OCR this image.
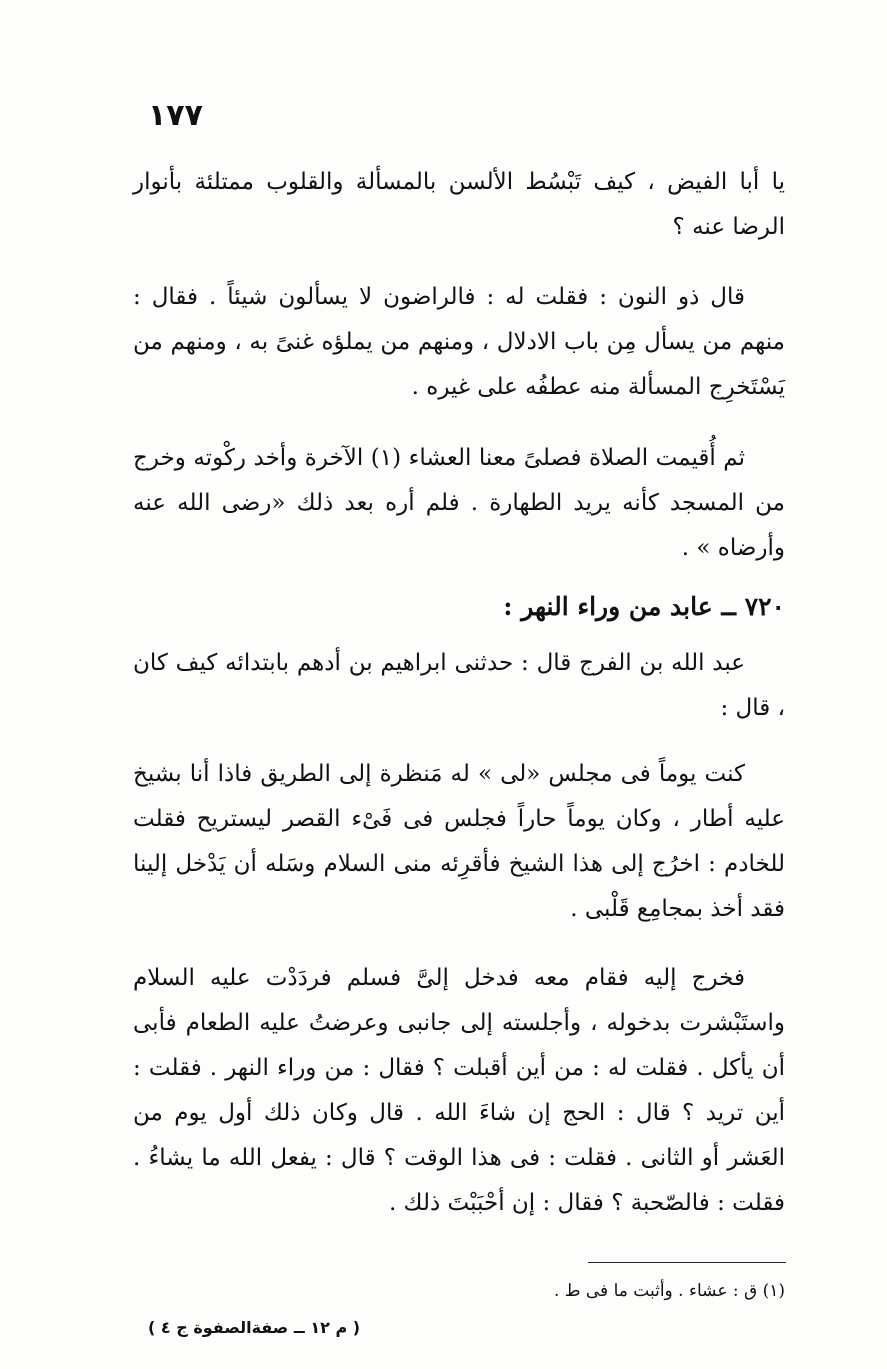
١٧٧

يا أبا الفيض ، كيف تَبْسُط الألسن بالمسألة والقلوب ممتلئة بأنوار الرضا عنه ؟

قال ذو النون : فقلت له : فالراضون لا يسألون شيئاً . فقال : منهم من يسأل مِن باب الادلال ، ومنهم من يملؤه غنىً به ، ومنهم من يَسْتَخرِج المسألة منه عطفُه على غيره .

ثم أُقيمت الصلاة فصلىً معنا العشاء (١) الآخرة وأخد ركْوته وخرج من المسجد كأنه يريد الطهارة . فلم أره بعد ذلك «رضى الله عنه وأرضاه » .

٧٢٠ ــ عابد من وراء النهر :

عبد الله بن الفرج قال : حدثنى ابراهيم بن أدهم بابتدائه كيف كان ، قال :

كنت يوماً فى مجلس «لى » له مَنظرة إلى الطريق فاذا أنا بشيخ عليه أطار ، وكان يوماً حاراً فجلس فى فَىْء القصر ليستريح فقلت للخادم : اخرُج إلى هذا الشيخ فأقرِئه منى السلام وسَله أن يَدْخل إلينا فقد أخذ بمجامِع قَلْبى .

فخرج إليه فقام معه فدخل إلىَّ فسلم فردَدْت عليه السلام واستَبْشرت بدخوله ، وأجلسته إلى جانبى وعرضتُ عليه الطعام فأبى أن يأكل . فقلت له : من أين أقبلت ؟ فقال : من وراء النهر . فقلت : أين تريد ؟ قال : الحج إن شاءَ الله . قال وكان ذلك أول يوم من العَشر أو الثانى . فقلت : فى هذا الوقت ؟ قال : يفعل الله ما يشاءُ . فقلت : فالصّحبة ؟ فقال : إن أحْبَبْتَ ذلك .

(١) ق : عشاء . وأثبت ما فى ط .
( م ١٢ ــ صفةالصفوة ج ٤ )
